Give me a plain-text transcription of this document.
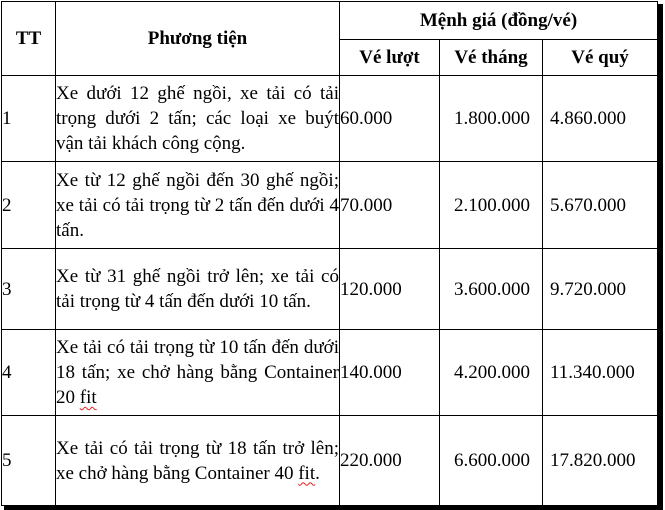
TT	Phương tiện	Mệnh giá (đồng/vé)		
		Vé lượt	Vé tháng	Vé quý
1	Xe dưới 12 ghế ngồi, xe tải có tải trọng dưới 2 tấn; các loại xe buýt vận tải khách công cộng.	60.000	1.800.000	4.860.000
2	Xe từ 12 ghế ngồi đến 30 ghế ngồi; xe tải có tải trọng từ 2 tấn đến dưới 4 tấn.	70.000	2.100.000	5.670.000
3	Xe từ 31 ghế ngồi trở lên; xe tải có tải trọng từ 4 tấn đến dưới 10 tấn.	120.000	3.600.000	9.720.000
4	Xe tải có tải trọng từ 10 tấn đến dưới 18 tấn; xe chở hàng bằng Container 20 fit	140.000	4.200.000	11.340.000
5	Xe tải có tải trọng từ 18 tấn trở lên; xe chở hàng bằng Container 40 fit.	220.000	6.600.000	17.820.000
